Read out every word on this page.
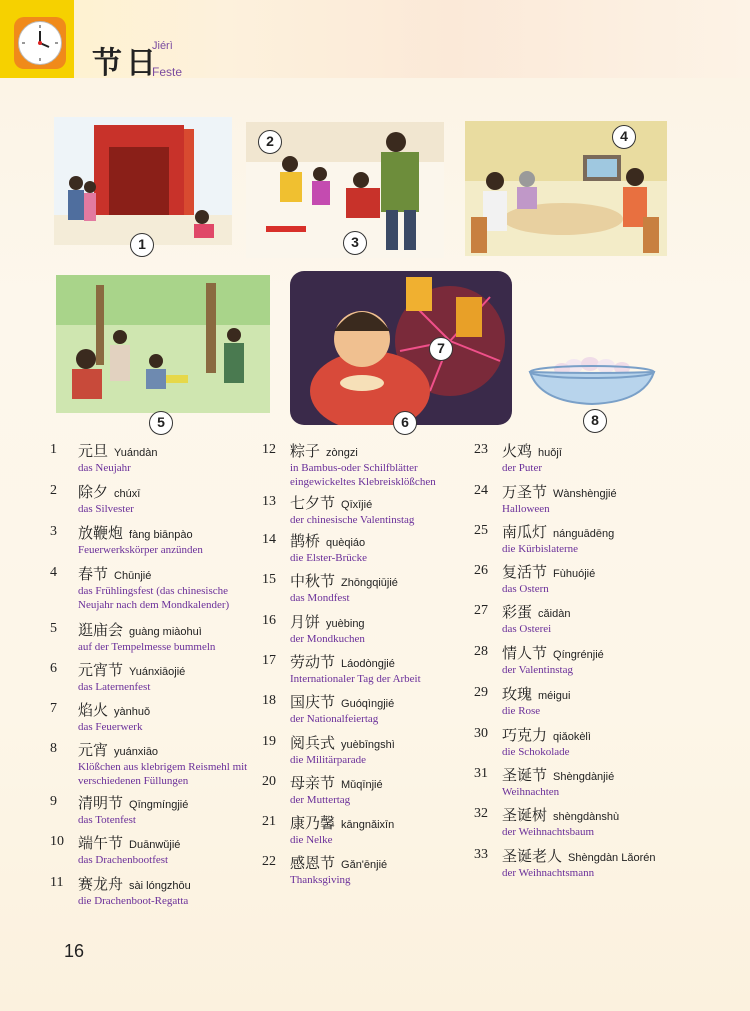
节日
Jiérì
Feste
1
2
3
4
5	6
7
8
1	元旦 Yuándàn
das Neujahr
2	除夕 chúxī
das Silvester
3	放鞭炮 fàng biānpào
Feuerwerkskörper anzünden
4	春节 Chūnjié
das Frühlingsfest (das chinesische Neujahr nach dem Mondkalender)
5	逛庙会 guàng miàohuì
auf der Tempelmesse bummeln
6	元宵节 Yuánxiāojié
das Laternenfest
7	焰火 yànhuǒ
das Feuerwerk
8	元宵 yuánxiāo
Klößchen aus klebrigem Reismehl mit verschiedenen Füllungen
9	清明节 Qīngmíngjié
das Totenfest
10 端午节 Duānwǔjié
das Drachenbootfest
11 赛龙舟 sài lóngzhōu
die Drachenboot-Regatta
12 粽子 zòngzi
in Bambus-oder Schilfblätter eingewickeltes Klebreisklößchen
13 七夕节 Qīxījié
der chinesische Valentinstag
14 鹊桥 quèqiáo
die Elster-Brücke
15 中秋节 Zhōngqiūjié
das Mondfest
16 月饼 yuèbing
der Mondkuchen
17 劳动节 Láodòngjié
Internationaler Tag der Arbeit
18 国庆节 Guóqìngjié
der Nationalfeiertag
19 阅兵式 yuèbīngshì
die Militärparade
20 母亲节 Mǔqīnjié
der Muttertag
21 康乃馨 kāngnǎixīn
die Nelke
22 感恩节 Gǎn'ēnjié
Thanksgiving
23 火鸡 huǒjī
der Puter
24 万圣节 Wànshèngjié
Halloween
25 南瓜灯 nánguādēng
die Kürbislaterne
26 复活节 Fùhuójié
das Ostern
27 彩蛋 cǎidàn
das Osterei
28 情人节 Qíngrénjié
der Valentinstag
29 玫瑰 méigui
die Rose
30 巧克力 qiǎokèlì
die Schokolade
31 圣诞节 Shèngdànjié
Weihnachten
32 圣诞树 shèngdànshù
der Weihnachtsbaum
33 圣诞老人 Shèngdàn Lǎorén
der Weihnachtsmann
16
